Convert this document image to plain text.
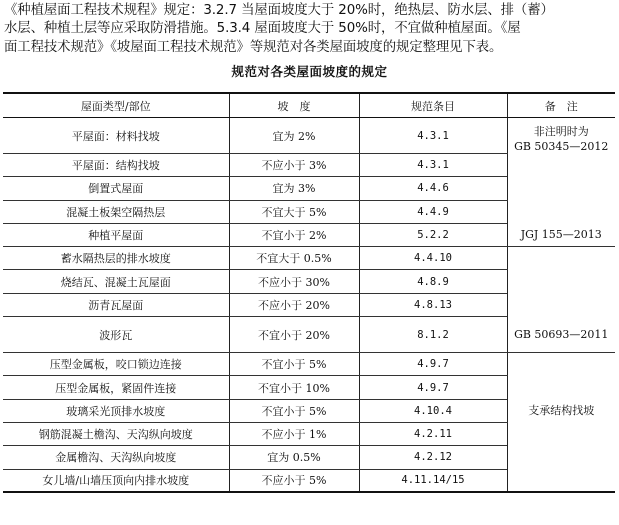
《种植屋面工程技术规程》规定：3.2.7 当屋面坡度大于 20%时，绝热层、防水层、排（蓄）
水层、种植土层等应采取防滑措施。5.3.4 屋面坡度大于 50%时，不宜做种植屋面。《屋
面工程技术规范》《坡屋面工程技术规范》等规范对各类屋面坡度的规定整理见下表。
规范对各类屋面坡度的规定
屋面类型/部位	坡　度	规范条目	备　注
平屋面：材料找坡	宜为 2%	4.3.1	非注明时为
GB 50345—2012

平屋面：结构找坡	不应小于 3%	4.3.1	
倒置式屋面	宜为 3%	4.4.6	
混凝土板架空隔热层	不宜大于 5%	4.4.9	
种植平屋面	不宜小于 2%	5.2.2	JGJ 155—2013
蓄水隔热层的排水坡度	不宜大于 0.5%	4.4.10	
烧结瓦、混凝土瓦屋面	不应小于 30%	4.8.9	
沥青瓦屋面	不应小于 20%	4.8.13	
波形瓦	不宜小于 20%	8.1.2	GB 50693—2011
压型金属板，咬口锁边连接	不宜小于 5%	4.9.7	
压型金属板，紧固件连接	不宜小于 10%	4.9.7	
玻璃采光顶排水坡度	不宜小于 5%	4.10.4	支承结构找坡
钢筋混凝土檐沟、天沟纵向坡度	不应小于 1%	4.2.11	
金属檐沟、天沟纵向坡度	宜为 0.5%	4.2.12	
女儿墙/山墙压顶向内排水坡度	不应小于 5%	4.11.14/15	
